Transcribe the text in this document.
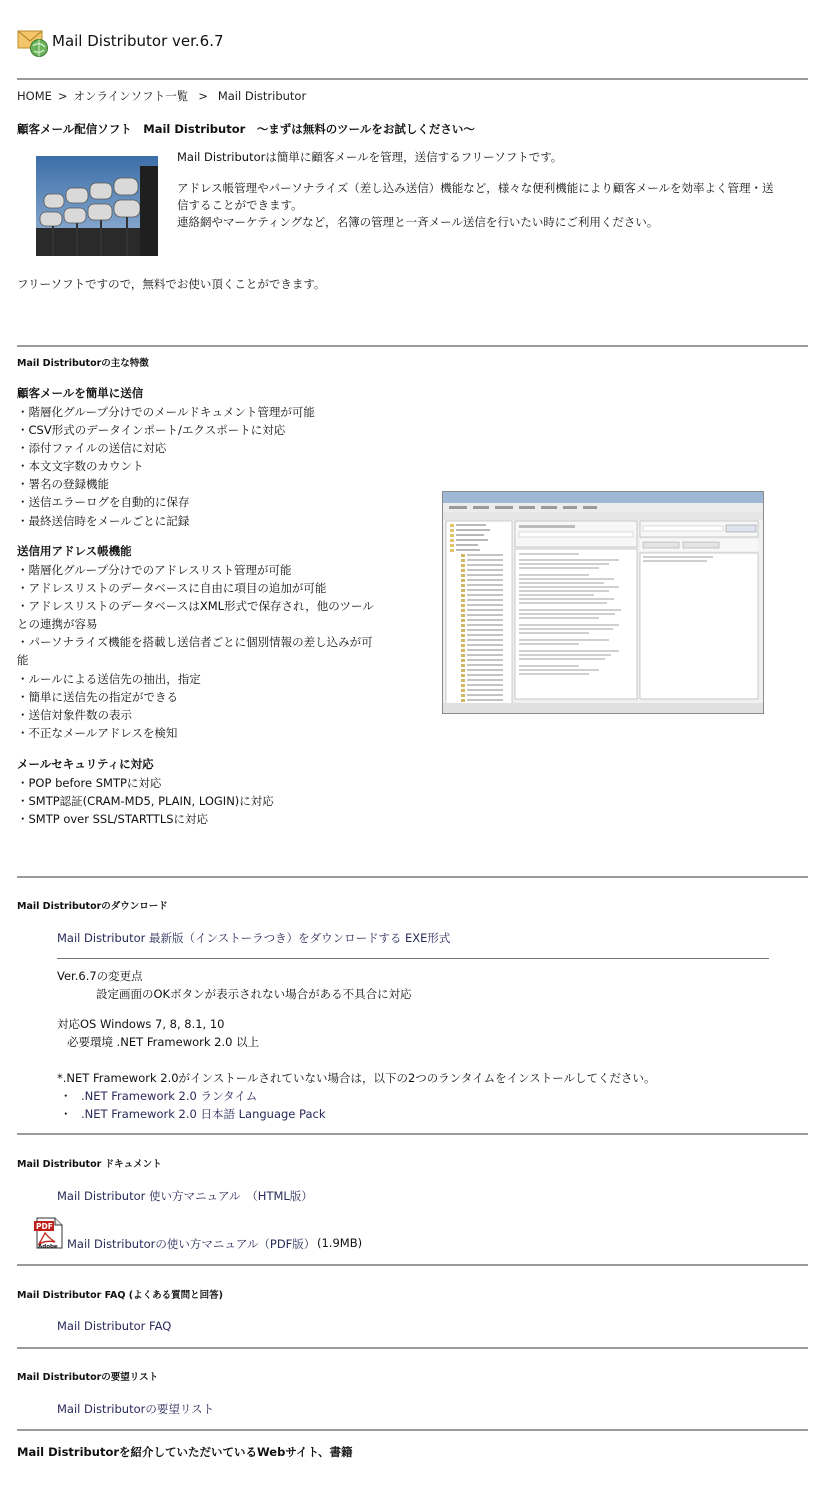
Mail Distributor ver.6.7
HOME > オンラインソフト一覧 > Mail Distributor
顧客メール配信ソフト　Mail Distributor　～まずは無料のツールをお試しください～
Mail Distributorは簡単に顧客メールを管理，送信するフリーソフトです。
アドレス帳管理やパーソナライズ（差し込み送信）機能など，様々な便利機能により顧客メールを効率よく管理・送
信することができます。
連絡網やマーケティングなど，名簿の管理と一斉メール送信を行いたい時にご利用ください。
フリーソフトですので，無料でお使い頂くことができます。
Mail Distributorの主な特徴
顧客メールを簡単に送信
・階層化グループ分けでのメールドキュメント管理が可能
・CSV形式のデータインポート/エクスポートに対応
・添付ファイルの送信に対応
・本文文字数のカウント
・署名の登録機能
・送信エラーログを自動的に保存
・最終送信時をメールごとに記録
送信用アドレス帳機能
・階層化グループ分けでのアドレスリスト管理が可能
・アドレスリストのデータベースに自由に項目の追加が可能
・アドレスリストのデータベースはXML形式で保存され，他のツール
との連携が容易
・パーソナライズ機能を搭載し送信者ごとに個別情報の差し込みが可
能
・ルールによる送信先の抽出，指定
・簡単に送信先の指定ができる
・送信対象件数の表示
・不正なメールアドレスを検知
メールセキュリティに対応
・POP before SMTPに対応
・SMTP認証(CRAM-MD5, PLAIN, LOGIN)に対応
・SMTP over SSL/STARTTLSに対応
Mail Distributorのダウンロード
Mail Distributor 最新版（インストーラつき）をダウンロードする EXE形式
Ver.6.7の変更点
設定画面のOKボタンが表示されない場合がある不具合に対応
対応OS Windows 7, 8, 8.1, 10
必要環境 .NET Framework 2.0 以上
*.NET Framework 2.0がインストールされていない場合は，以下の2つのランタイムをインストールしてください。
・ .NET Framework 2.0 ランタイム
・ .NET Framework 2.0 日本語 Language Pack
Mail Distributor ドキュメント
Mail Distributor 使い方マニュアル　（HTML版）
PDF
Adobe Mail Distributorの使い方マニュアル（PDF版） (1.9MB)
Mail Distributor FAQ (よくある質問と回答)
Mail Distributor FAQ
Mail Distributorの要望リスト
Mail Distributorの要望リスト
Mail Distributorを紹介していただいているWebサイト、書籍
